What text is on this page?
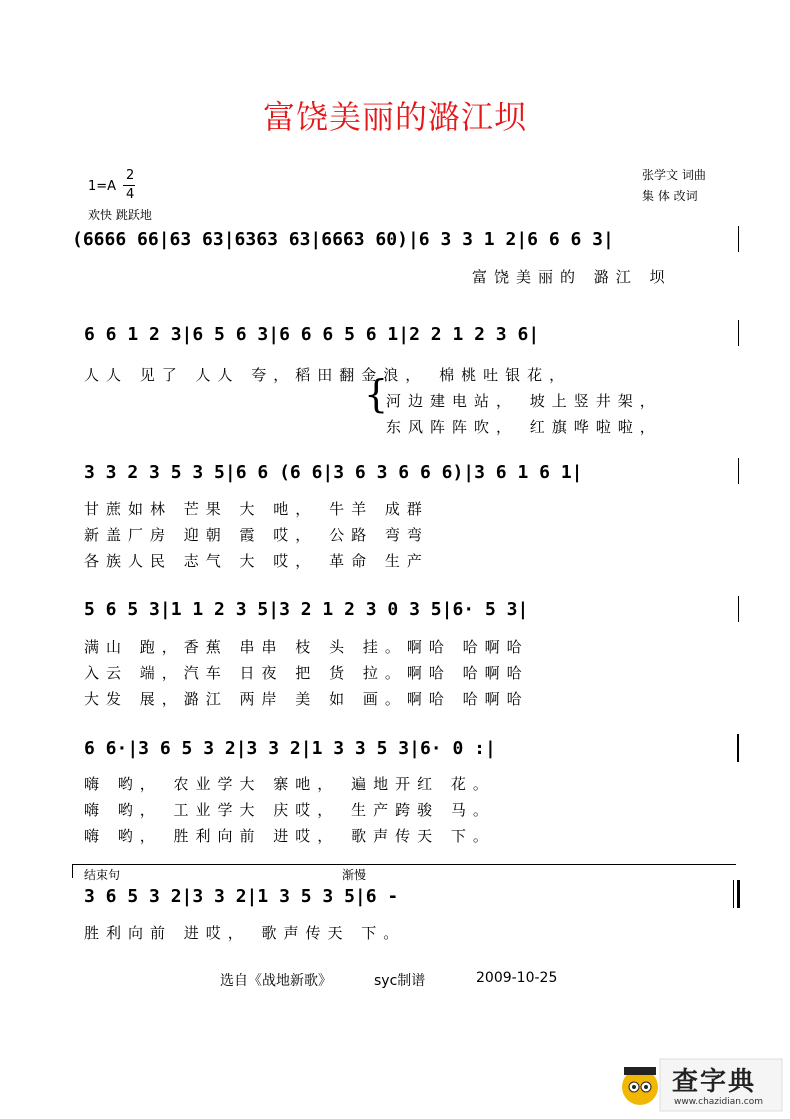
富饶美丽的潞江坝
1=A
2
4
欢快 跳跃地
张学文 词曲
集 体 改词
(6666 66|63 63|6363 63|6663 60)|6 3 3 1 2|6 6 6 3|
富饶美丽的 潞江 坝
6 6 1 2 3|6 5 6 3|6 6 6 5 6 1|2 2 1 2 3 6|
人人 见了 人人 夸，稻田翻金浪， 棉桃吐银花，
{
河边建电站， 坡上竖井架，
东风阵阵吹， 红旗哗啦啦，
3 3 2 3 5 3 5|6 6 (6 6|3 6 3 6 6 6)|3 6 1 6 1|
甘蔗如林 芒果 大 吔， 牛羊 成群
新盖厂房 迎朝 霞 哎， 公路 弯弯
各族人民 志气 大 哎， 革命 生产
5 6 5 3|1 1 2 3 5|3 2 1 2 3 0 3 5|6· 5 3|
满山 跑，香蕉 串串 枝 头 挂。啊哈 哈啊哈
入云 端，汽车 日夜 把 货 拉。啊哈 哈啊哈
大发 展，潞江 两岸 美 如 画。啊哈 哈啊哈
6 6·|3 6 5 3 2|3 3 2|1 3 3 5 3|6· 0 :|
嗨 哟， 农业学大 寨吔， 遍地开红 花。
嗨 哟， 工业学大 庆哎， 生产跨骏 马。
嗨 哟， 胜利向前 进哎， 歌声传天 下。
结束句	渐慢
3 6 5 3 2|3 3 2|1 3 5 3 5|6 -
胜利向前 进哎， 歌声传天 下。
选自《战地新歌》	syc制谱	2009-10-25
查字典
www.chazidian.com
